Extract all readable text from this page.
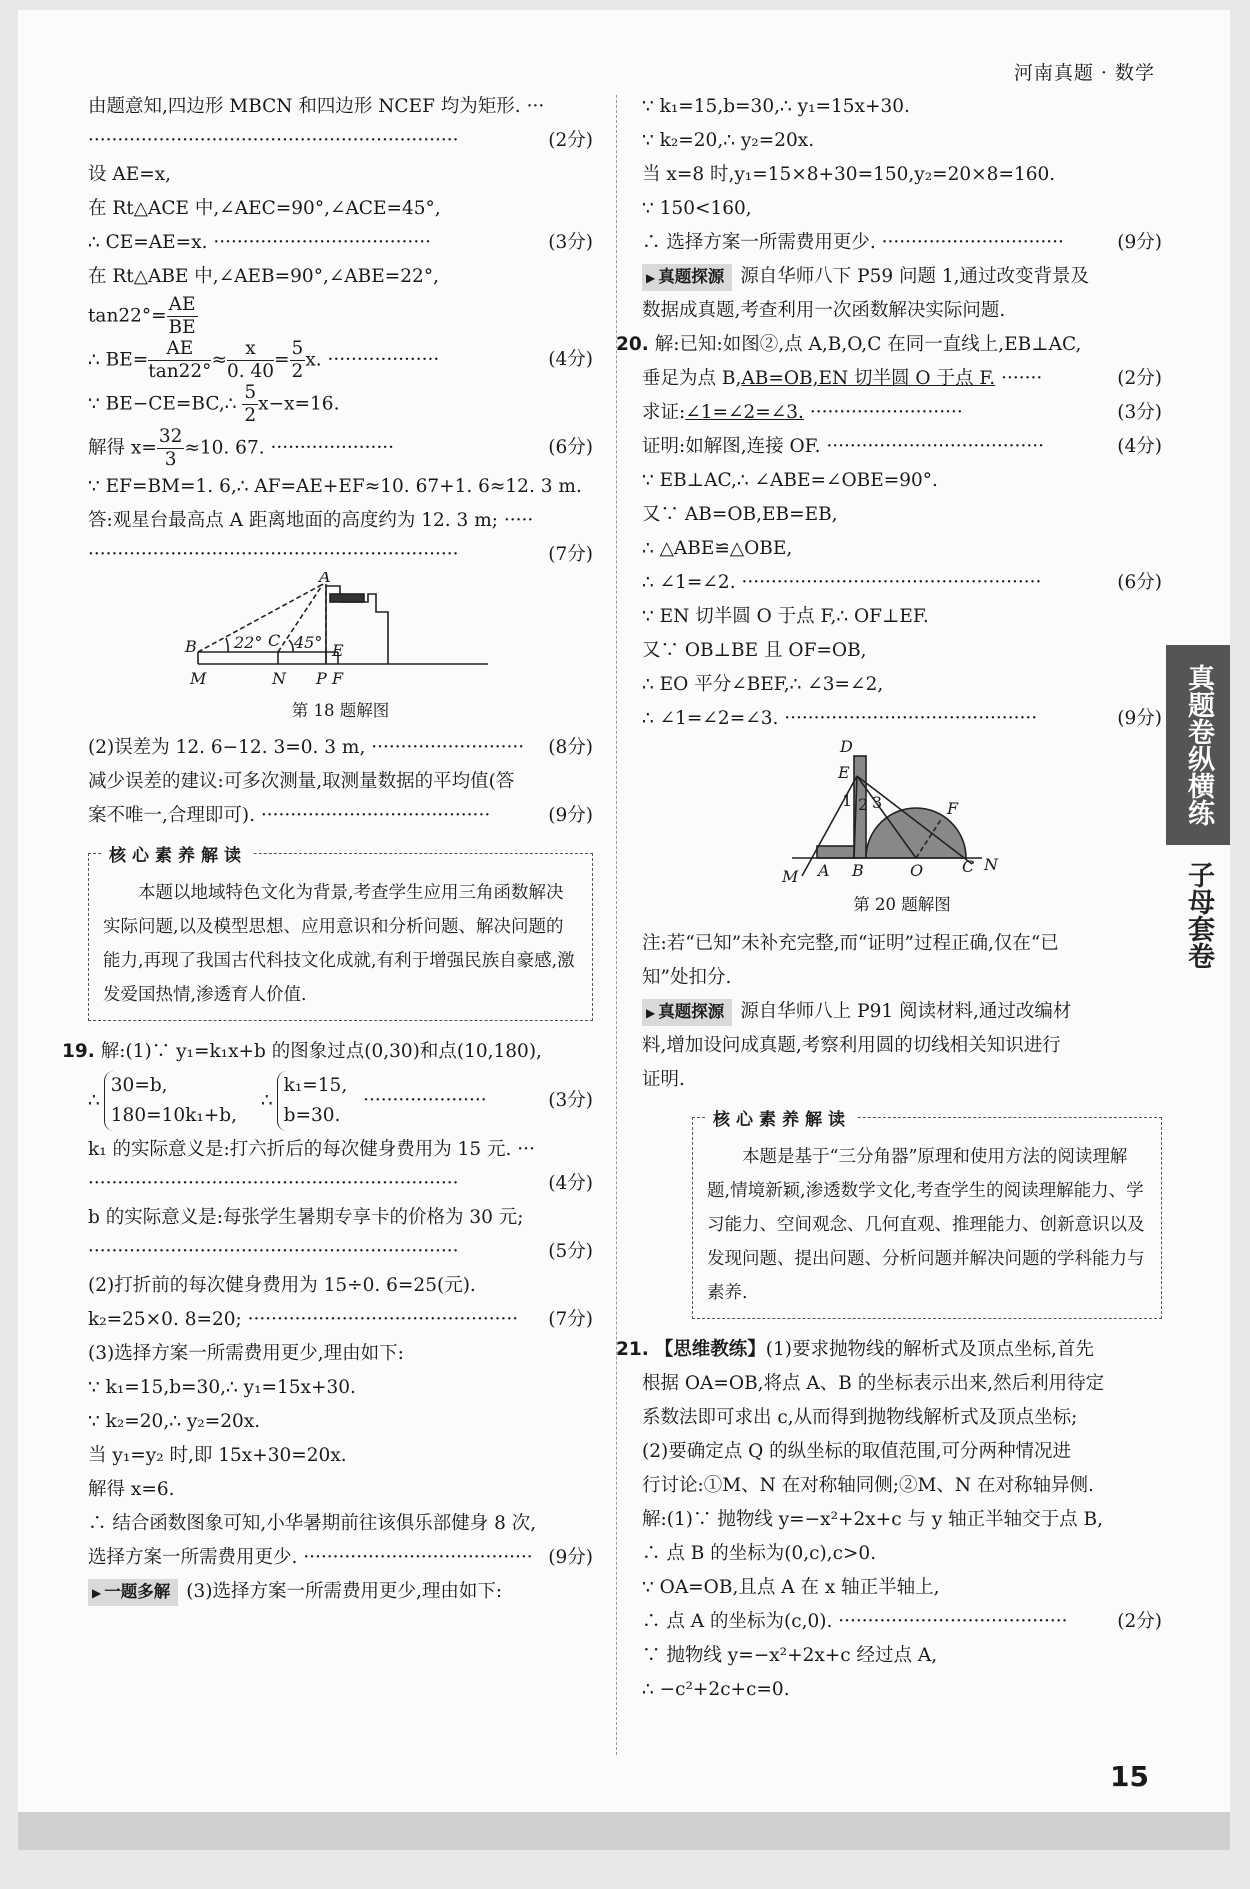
河南真题 · 数学
真题卷纵横练
子母套卷
15
由题意知,四边形 MBCN 和四边形 NCEF 均为矩形. ···
·······························································	(2分)
设 AE=x,
在 Rt△ACE 中,∠AEC=90°,∠ACE=45°,
∴ CE=AE=x. ·····································	(3分)
在 Rt△ABE 中,∠AEB=90°,∠ABE=22°,
$\tan 22^\circ= \frac{AE}{BE}$
∴ $BE= \frac{AE}{\tan 22^\circ} \approx \frac{x}{0. 40} = \frac{5}{2} x$. ···················	(4分)
∵ BE−CE=BC,∴ $\frac{5}{2} x-x=16$.
解得 $x= \frac{32}{3} \approx 10$. 67. ·····················	(6分)
∵ EF=BM=1. 6,∴ AF=AE+EF≈10. 67+1. 6≈12. 3 m.
答:观星台最高点 A 距离地面的高度约为 12. 3 m; ·····
·······························································	(7分)
A
B	C
E
M	N P F
22° 45°
第 18 题解图
(2)误差为 12. 6−12. 3=0. 3 m, ·························· (8分)
减少误差的建议:可多次测量,取测量数据的平均值(答
案不唯一,合理即可). ·······································	(9分)
核心素养解读

本题以地域特色文化为背景,考查学生应用三角函数解决实际问题,以及模型思想、应用意识和分析问题、解决问题的能力,再现了我国古代科技文化成就,有利于增强民族自豪感,激发爱国热情,渗透育人价值.

19. 解:(1)∵ y₁=k₁x+b 的图象过点(0,30)和点(10,180),
∴30=b,
180=10k₁+b, ∴k₁=15,
b=30. ·····················	(3分)
k₁ 的实际意义是:打六折后的每次健身费用为 15 元. ···
·······························································	(4分)
b 的实际意义是:每张学生暑期专享卡的价格为 30 元;
·······························································	(5分)
(2)打折前的每次健身费用为 15÷0. 6=25(元).
k₂=25×0. 8=20; ·············································· (7分)
(3)选择方案一所需费用更少,理由如下:
∵ k₁=15,b=30,∴ y₁=15x+30.
∵ k₂=20,∴ y₂=20x.
当 y₁=y₂ 时,即 15x+30=20x.
解得 x=6.
∴ 结合函数图象可知,小华暑期前往该俱乐部健身 8 次,
选择方案一所需费用更少. ······································· (9分)
▶ 一题多解 (3)选择方案一所需费用更少,理由如下:
∵ k₁=15,b=30,∴ y₁=15x+30.
∵ k₂=20,∴ y₂=20x.
当 x=8 时,y₁=15×8+30=150,y₂=20×8=160.
∵ 150<160,
∴ 选择方案一所需费用更少. ·······························	(9分)
▶ 真题探源 源自华师八下 P59 问题 1,通过改变背景及
数据成真题,考查利用一次函数解决实际问题.
20. 解:已知:如图②,点 A,B,O,C 在同一直线上,EB⊥AC,
垂足为点 B,AB=OB,EN 切半圆 O 于点 F. ·······	(2分)
求证:∠1=∠2=∠3. ··························	(3分)
证明:如解图,连接 OF. ·····································	(4分)
∵ EB⊥AC,∴ ∠ABE=∠OBE=90°.
又∵ AB=OB,EB=EB,
∴ △ABE≌△OBE,
∴ ∠1=∠2. ···················································	(6分)
∵ EN 切半圆 O 于点 F,∴ OF⊥EF.
又∵ OB⊥BE 且 OF=OB,
∴ EO 平分∠BEF,∴ ∠3=∠2,
∴ ∠1=∠2=∠3. ···········································	(9分)
D
E
F
N
M A B	O C
1 2 3
第 20 题解图
注:若“已知”未补充完整,而“证明”过程正确,仅在“已
知”处扣分.
▶ 真题探源 源自华师八上 P91 阅读材料,通过改编材
料,增加设问成真题,考察利用圆的切线相关知识进行
证明.
核心素养解读

本题是基于“三分角器”原理和使用方法的阅读理解题,情境新颖,渗透数学文化,考查学生的阅读理解能力、学习能力、空间观念、几何直观、推理能力、创新意识以及发现问题、提出问题、分析问题并解决问题的学科能力与素养.

21. 【思维教练】(1)要求抛物线的解析式及顶点坐标,首先
根据 OA=OB,将点 A、B 的坐标表示出来,然后利用待定
系数法即可求出 c,从而得到抛物线解析式及顶点坐标;
(2)要确定点 Q 的纵坐标的取值范围,可分两种情况进
行讨论:①M、N 在对称轴同侧;②M、N 在对称轴异侧.
解:(1)∵ 抛物线 y=−x²+2x+c 与 y 轴正半轴交于点 B,
∴ 点 B 的坐标为(0,c),c>0.
∵ OA=OB,且点 A 在 x 轴正半轴上,
∴ 点 A 的坐标为(c,0). ·······································	(2分)
∵ 抛物线 y=−x²+2x+c 经过点 A,
∴ −c²+2c+c=0.
